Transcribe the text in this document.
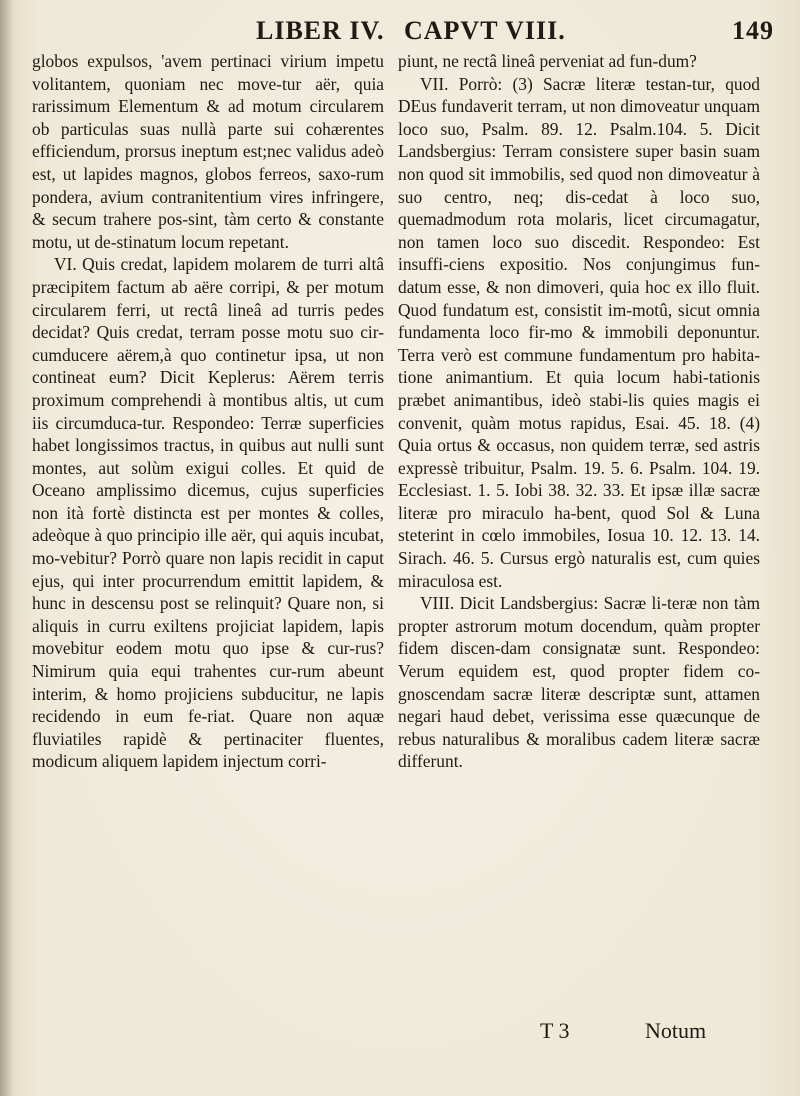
LIBER IV. CAPVT VIII.	149

globos expulsos, 'avem pertinaci virium impetu volitantem, quoniam nec move-tur aër, quia rarissimum Elementum & ad motum circularem ob particulas suas nullà parte sui cohærentes efficiendum, prorsus ineptum est;nec validus adeò est, ut lapides magnos, globos ferreos, saxo-rum pondera, avium contranitentium vires infringere, & secum trahere pos-sint, tàm certo & constante motu, ut de-stinatum locum repetant.

VI. Quis credat, lapidem molarem de turri altâ præcipitem factum ab aëre corripi, & per motum circularem ferri, ut rectâ lineâ ad turris pedes decidat? Quis credat, terram posse motu suo cir-cumducere aërem,à quo continetur ipsa, ut non contineat eum? Dicit Keplerus: Aërem terris proximum comprehendi à montibus altis, ut cum iis circumduca-tur. Respondeo: Terræ superficies habet longissimos tractus, in quibus aut nulli sunt montes, aut solùm exigui colles. Et quid de Oceano amplissimo dicemus, cujus superficies non ità fortè distincta est per montes & colles, adeòque à quo principio ille aër, qui aquis incubat, mo-vebitur? Porrò quare non lapis recidit in caput ejus, qui inter procurrendum emittit lapidem, & hunc in descensu post se relinquit? Quare non, si aliquis in curru exiltens projiciat lapidem, lapis movebitur eodem motu quo ipse & cur-rus? Nimirum quia equi trahentes cur-rum abeunt interim, & homo projiciens subducitur, ne lapis recidendo in eum fe-riat. Quare non aquæ fluviatiles rapidè & pertinaciter fluentes, modicum aliquem lapidem injectum corri-

piunt, ne rectâ lineâ perveniat ad fun-dum?

VII. Porrò: (3) Sacræ literæ testan-tur, quod DEus fundaverit terram, ut non dimoveatur unquam loco suo, Psalm. 89. 12. Psalm.104. 5. Dicit Landsbergius: Terram consistere super basin suam non quod sit immobilis, sed quod non dimoveatur à suo centro, neq; dis-cedat à loco suo, quemadmodum rota molaris, licet circumagatur, non tamen loco suo discedit. Respondeo: Est insuffi-ciens expositio. Nos conjungimus fun-datum esse, & non dimoveri, quia hoc ex illo fluit. Quod fundatum est, consistit im-motû, sicut omnia fundamenta loco fir-mo & immobili deponuntur. Terra verò est commune fundamentum pro habita-tione animantium. Et quia locum habi-tationis præbet animantibus, ideò stabi-lis quies magis ei convenit, quàm motus rapidus, Esai. 45. 18. (4) Quia ortus & occasus, non quidem terræ, sed astris expressè tribuitur, Psalm. 19. 5. 6. Psalm. 104. 19. Ecclesiast. 1. 5. Iobi 38. 32. 33. Et ipsæ illæ sacræ literæ pro miraculo ha-bent, quod Sol & Luna steterint in cœlo immobiles, Iosua 10. 12. 13. 14. Sirach. 46. 5. Cursus ergò naturalis est, cum quies miraculosa est.

VIII. Dicit Landsbergius: Sacræ li-teræ non tàm propter astrorum motum docendum, quàm propter fidem discen-dam consignatæ sunt. Respondeo: Verum equidem est, quod propter fidem co-gnoscendam sacræ literæ descriptæ sunt, attamen negari haud debet, verissima esse quæcunque de rebus naturalibus & moralibus cadem literæ sacræ differunt.

T 3	Notum
